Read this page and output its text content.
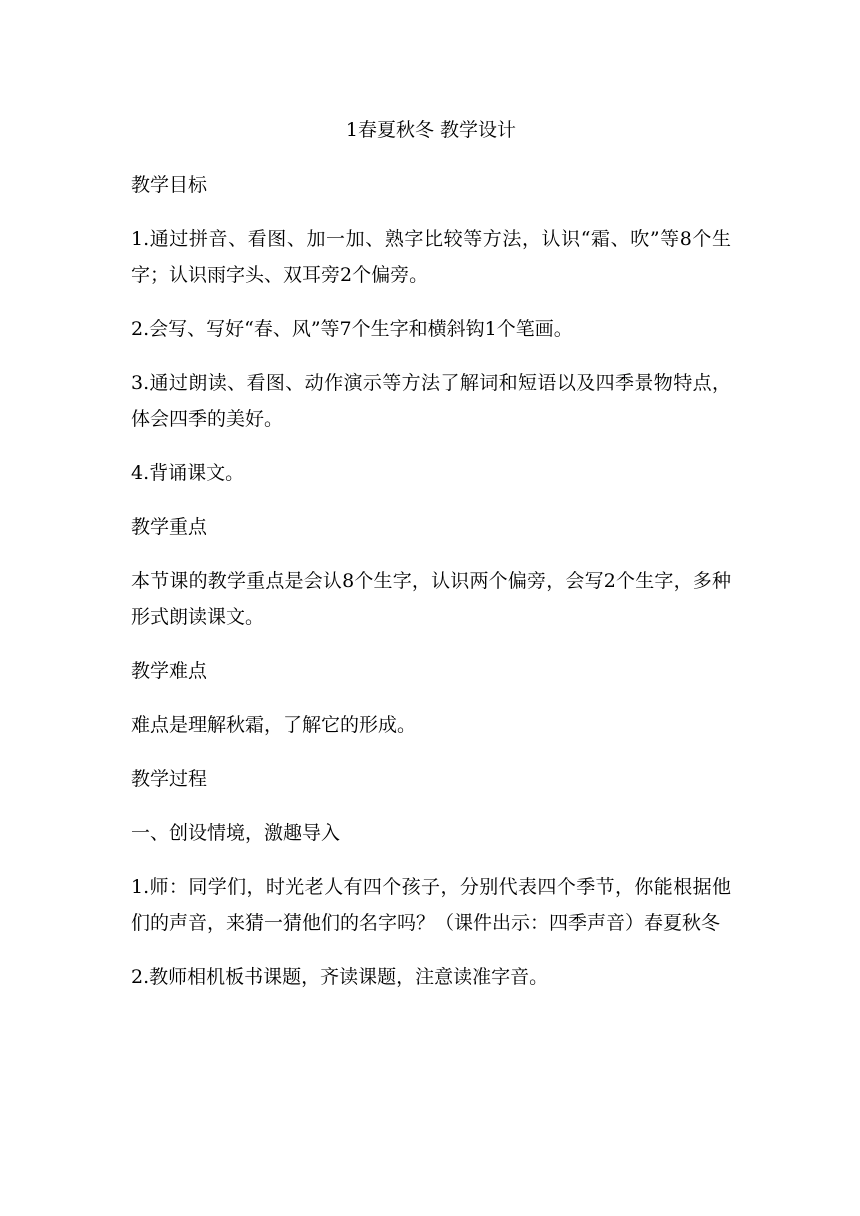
1春夏秋冬 教学设计
教学目标
1.通过拼音、看图、加一加、熟字比较等方法，认识“霜、吹”等8个生字；认识雨字头、双耳旁2个偏旁。
2.会写、写好“春、风”等7个生字和横斜钩1个笔画。
3.通过朗读、看图、动作演示等方法了解词和短语以及四季景物特点，体会四季的美好。
4.背诵课文。
教学重点
本节课的教学重点是会认8个生字，认识两个偏旁，会写2个生字，多种形式朗读课文。
教学难点
难点是理解秋霜，了解它的形成。
教学过程
一、创设情境，激趣导入
1.师：同学们，时光老人有四个孩子，分别代表四个季节，你能根据他们的声音，来猜一猜他们的名字吗？（课件出示：四季声音）春夏秋冬
2.教师相机板书课题，齐读课题，注意读准字音。
